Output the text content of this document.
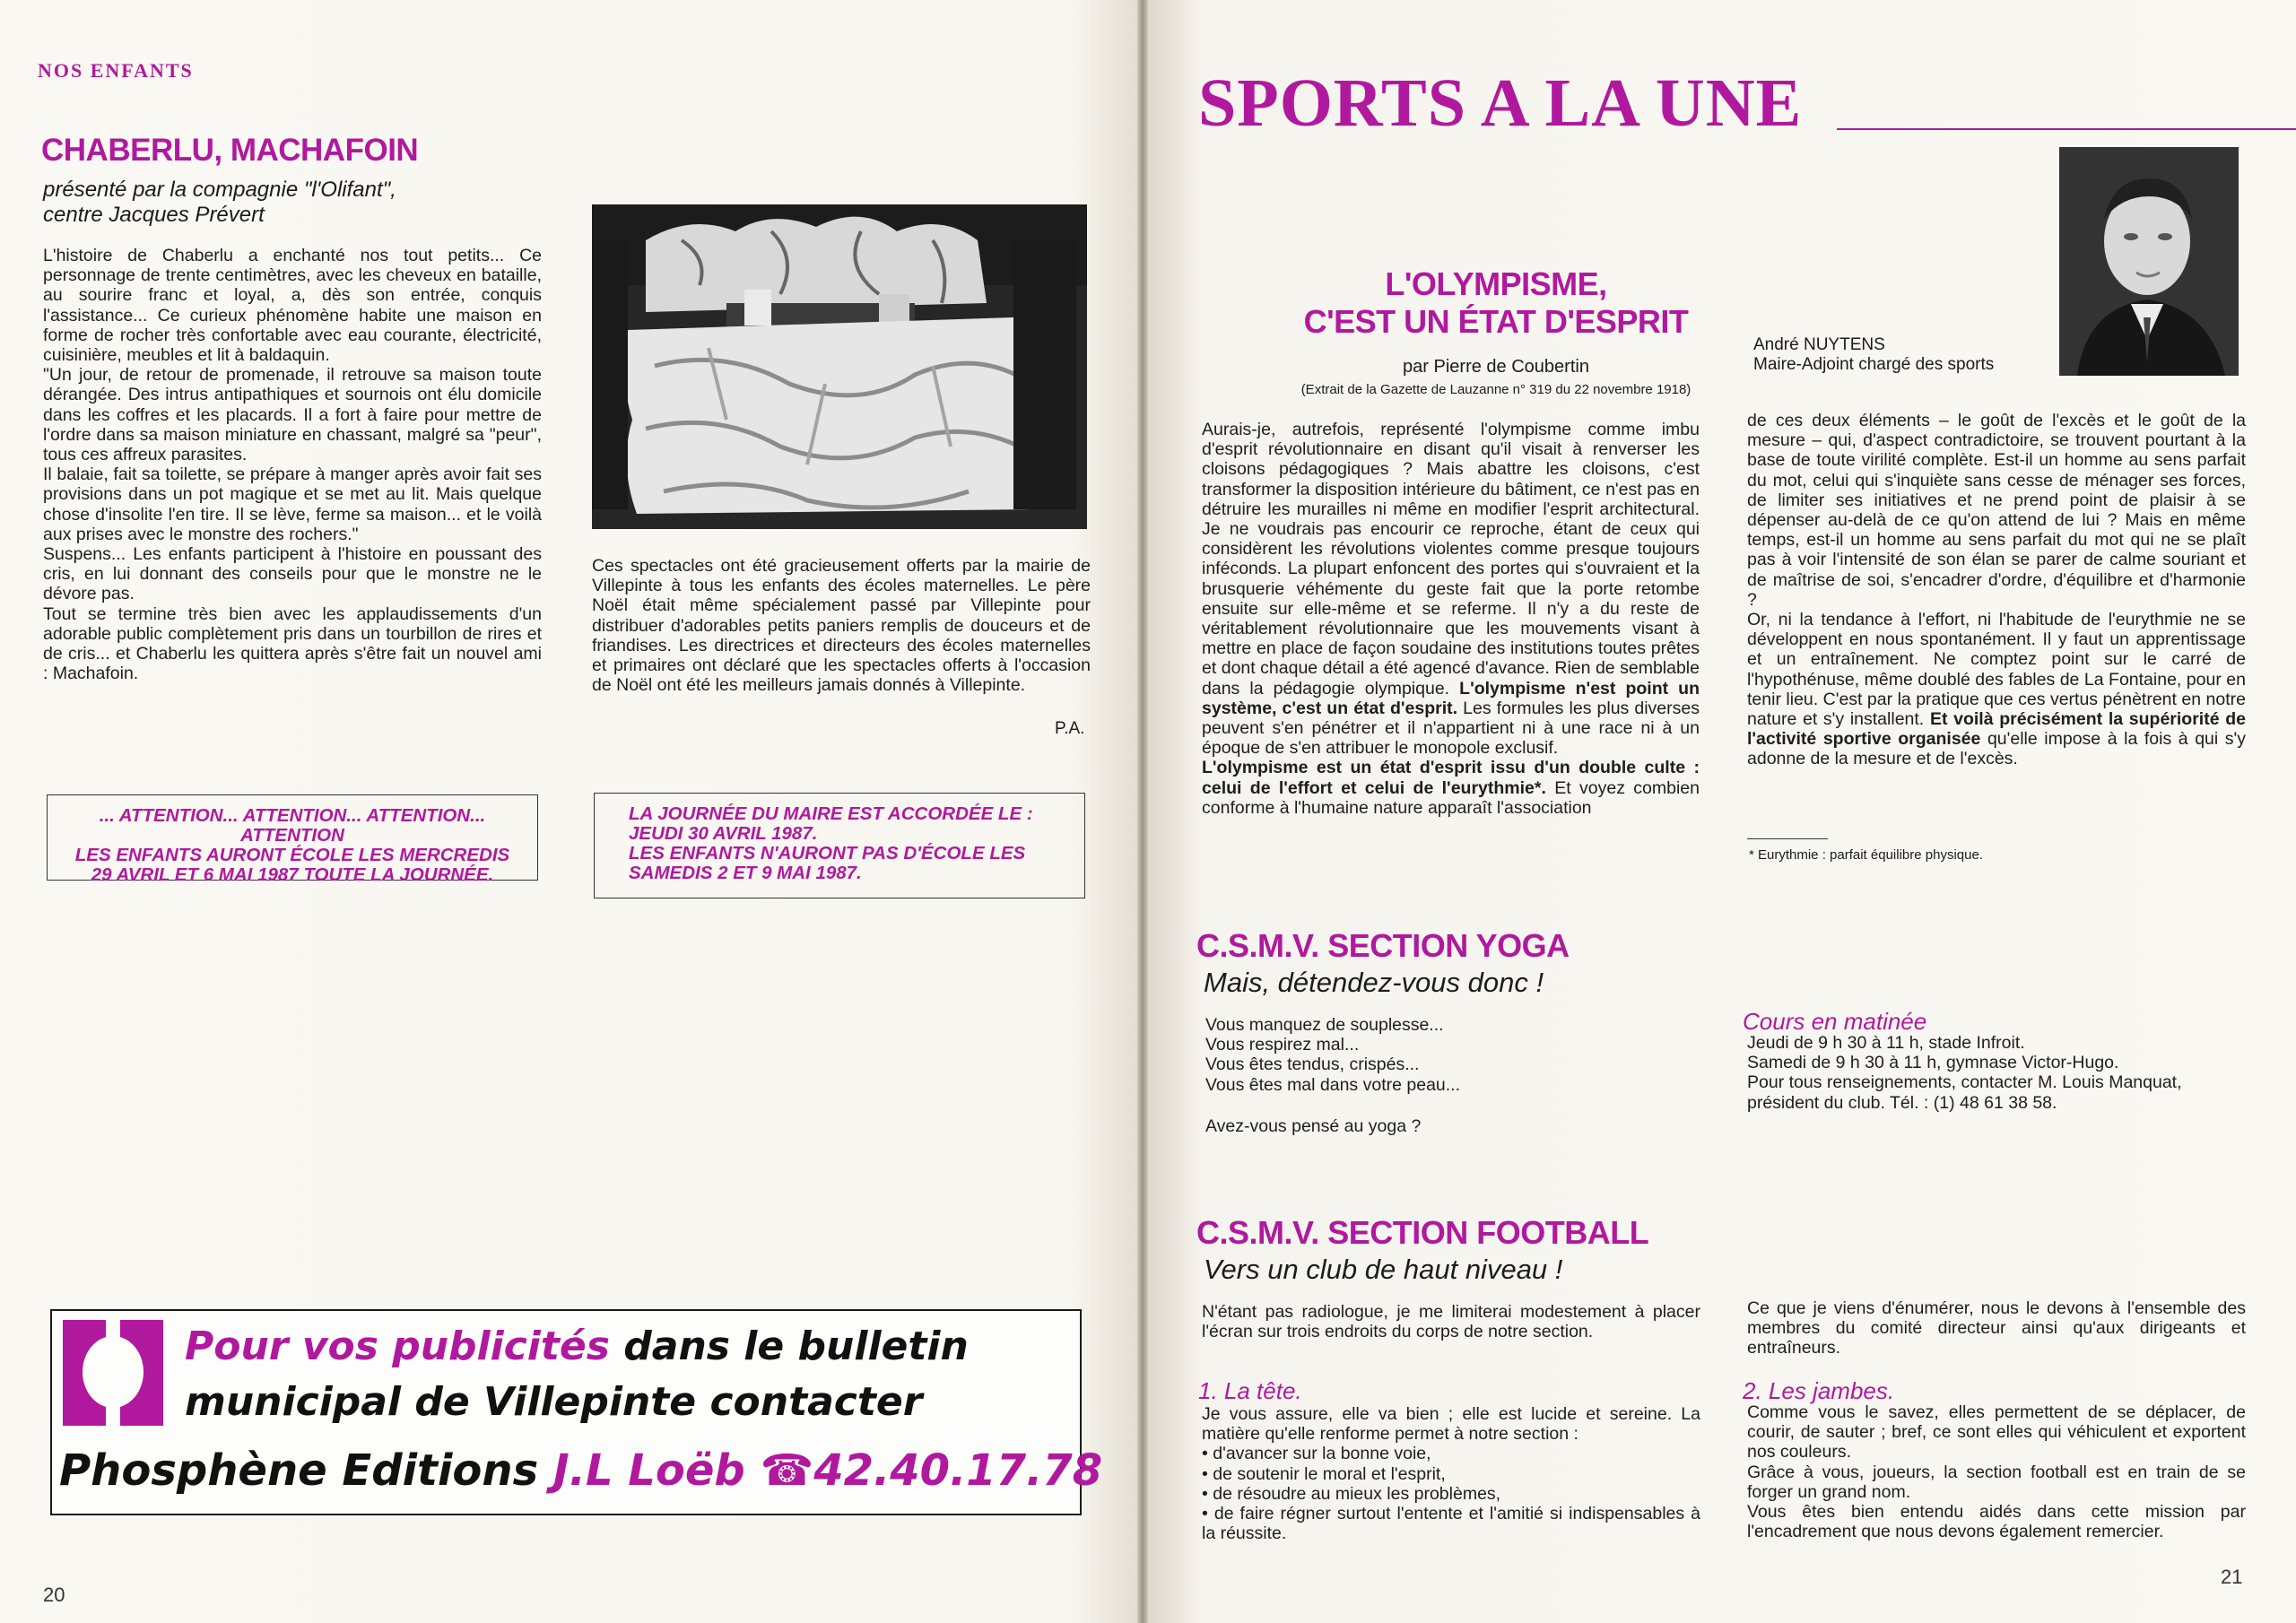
NOS ENFANTS
CHABERLU, MACHAFOIN
présenté par la compagnie "l'Olifant",
centre Jacques Prévert
L'histoire de Chaberlu a enchanté nos tout petits... Ce personnage de trente centimètres, avec les cheveux en bataille, au sourire franc et loyal, a, dès son entrée, conquis l'assistance... Ce curieux phénomène habite une maison en forme de rocher très confortable avec eau courante, électricité, cuisinière, meubles et lit à baldaquin.
"Un jour, de retour de promenade, il retrouve sa maison toute dérangée. Des intrus antipathiques et sournois ont élu domicile dans les coffres et les placards. Il a fort à faire pour mettre de l'ordre dans sa maison miniature en chassant, malgré sa "peur", tous ces affreux parasites.
Il balaie, fait sa toilette, se prépare à manger après avoir fait ses provisions dans un pot magique et se met au lit. Mais quelque chose d'insolite l'en tire. Il se lève, ferme sa maison... et le voilà aux prises avec le monstre des rochers."
Suspens... Les enfants participent à l'histoire en poussant des cris, en lui donnant des conseils pour que le monstre ne le dévore pas.
Tout se termine très bien avec les applaudissements d'un adorable public complètement pris dans un tourbillon de rires et de cris... et Chaberlu les quittera après s'être fait un nouvel ami : Machafoin.
Ces spectacles ont été gracieusement offerts par la mairie de Villepinte à tous les enfants des écoles maternelles. Le père Noël était même spécialement passé par Villepinte pour distribuer d'adorables petits paniers remplis de douceurs et de friandises. Les directrices et directeurs des écoles maternelles et primaires ont déclaré que les spectacles offerts à l'occasion de Noël ont été les meilleurs jamais donnés à Villepinte.
P.A.
... ATTENTION... ATTENTION... ATTENTION... ATTENTION
LES ENFANTS AURONT ÉCOLE LES MERCREDIS
29 AVRIL ET 6 MAI 1987 TOUTE LA JOURNÉE.
LA JOURNÉE DU MAIRE EST ACCORDÉE LE :
JEUDI 30 AVRIL 1987.
LES ENFANTS N'AURONT PAS D'ÉCOLE LES
SAMEDIS 2 ET 9 MAI 1987.
Pour vos publicités dans le bulletin
municipal de Villepinte contacter
Phosphène Editions J.L Loëb ☎42.40.17.78
20
SPORTS A LA UNE
L'OLYMPISME,
C'EST UN ÉTAT D'ESPRIT
par Pierre de Coubertin
(Extrait de la Gazette de Lauzanne n° 319 du 22 novembre 1918)
Aurais-je, autrefois, représenté l'olympisme comme imbu d'esprit révolutionnaire en disant qu'il visait à renverser les cloisons pédagogiques ? Mais abattre les cloisons, c'est transformer la disposition intérieure du bâtiment, ce n'est pas en détruire les murailles ni même en modifier l'esprit architectural. Je ne voudrais pas encourir ce reproche, étant de ceux qui considèrent les révolutions violentes comme presque toujours inféconds. La plupart enfoncent des portes qui s'ouvraient et la brusquerie véhémente du geste fait que la porte retombe ensuite sur elle-même et se referme. Il n'y a du reste de véritablement révolutionnaire que les mouvements visant à mettre en place de façon soudaine des institutions toutes prêtes et dont chaque détail a été agencé d'avance. Rien de semblable dans la pédagogie olympique. L'olympisme n'est point un système, c'est un état d'esprit. Les formules les plus diverses peuvent s'en pénétrer et il n'appartient ni à une race ni à un époque de s'en attribuer le monopole exclusif.
L'olympisme est un état d'esprit issu d'un double culte : celui de l'effort et celui de l'eurythmie*. Et voyez combien conforme à l'humaine nature apparaît l'association
André NUYTENS
Maire-Adjoint chargé des sports
de ces deux éléments – le goût de l'excès et le goût de la mesure – qui, d'aspect contradictoire, se trouvent pourtant à la base de toute virilité complète. Est-il un homme au sens parfait du mot, celui qui s'inquiète sans cesse de ménager ses forces, de limiter ses initiatives et ne prend point de plaisir à se dépenser au-delà de ce qu'on attend de lui ? Mais en même temps, est-il un homme au sens parfait du mot qui ne se plaît pas à voir l'intensité de son élan se parer de calme souriant et de maîtrise de soi, s'encadrer d'ordre, d'équilibre et d'harmonie ?
Or, ni la tendance à l'effort, ni l'habitude de l'eurythmie ne se développent en nous spontanément. Il y faut un apprentissage et un entraînement. Ne comptez point sur le carré de l'hypothénuse, même doublé des fables de La Fontaine, pour en tenir lieu. C'est par la pratique que ces vertus pénètrent en notre nature et s'y installent. Et voilà précisément la supériorité de l'activité sportive organisée qu'elle impose à la fois à qui s'y adonne de la mesure et de l'excès.
* Eurythmie : parfait équilibre physique.
C.S.M.V. SECTION YOGA
Mais, détendez-vous donc !
Vous manquez de souplesse...
Vous respirez mal...
Vous êtes tendus, crispés...
Vous êtes mal dans votre peau...
Avez-vous pensé au yoga ?
Cours en matinée
Jeudi de 9 h 30 à 11 h, stade Infroit.
Samedi de 9 h 30 à 11 h, gymnase Victor-Hugo.
Pour tous renseignements, contacter M. Louis Manquat, président du club. Tél. : (1) 48 61 38 58.
C.S.M.V. SECTION FOOTBALL
Vers un club de haut niveau !
N'étant pas radiologue, je me limiterai modestement à placer l'écran sur trois endroits du corps de notre section.
1. La tête.
Je vous assure, elle va bien ; elle est lucide et sereine. La matière qu'elle renforme permet à notre section :
• d'avancer sur la bonne voie,
• de soutenir le moral et l'esprit,
• de résoudre au mieux les problèmes,
• de faire régner surtout l'entente et l'amitié si indispensables à la réussite.
Ce que je viens d'énumérer, nous le devons à l'ensemble des membres du comité directeur ainsi qu'aux dirigeants et entraîneurs.
2. Les jambes.
Comme vous le savez, elles permettent de se déplacer, de courir, de sauter ; bref, ce sont elles qui véhiculent et exportent nos couleurs.
Grâce à vous, joueurs, la section football est en train de se forger un grand nom.
Vous êtes bien entendu aidés dans cette mission par l'encadrement que nous devons également remercier.
21
